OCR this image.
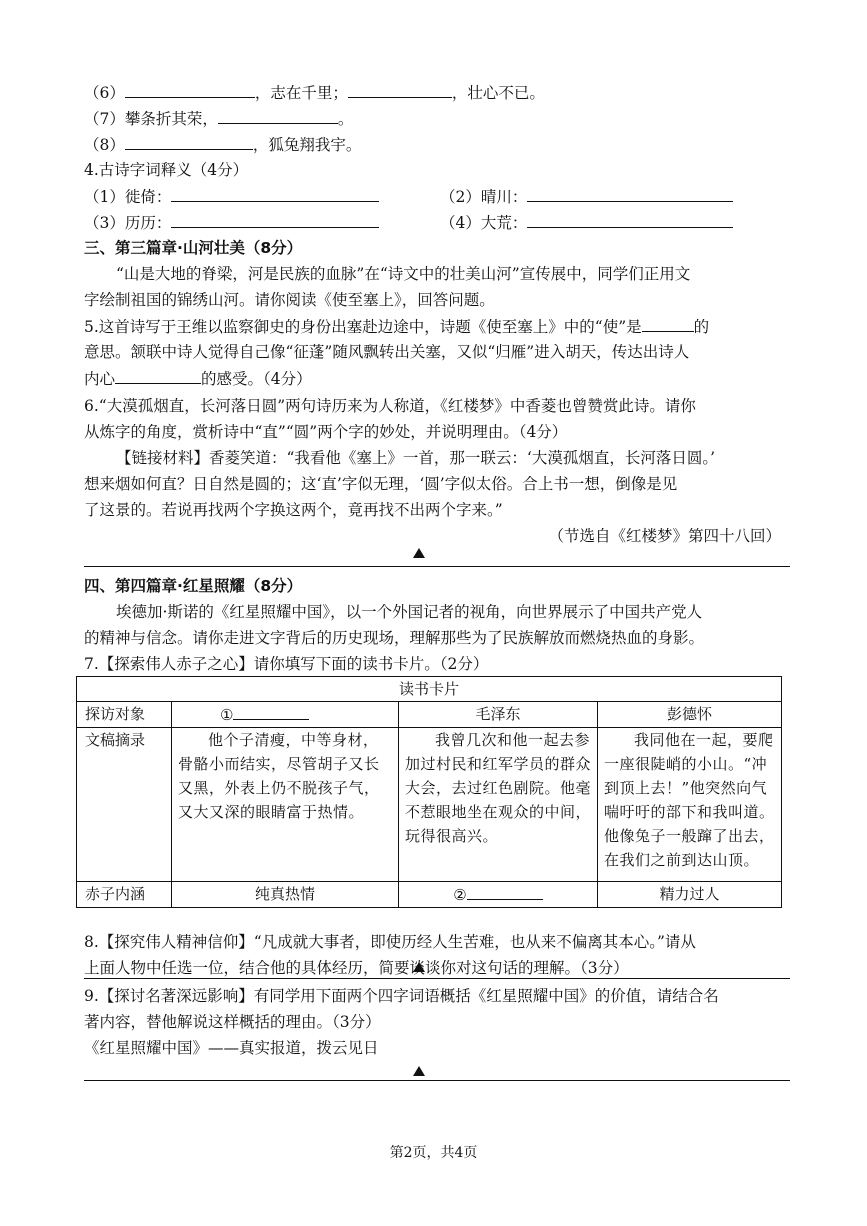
（6）	，志在千里；	，壮心不已。
（7）攀条折其荣，	。
（8）	，狐兔翔我宇。
4.古诗字词释义（4分）
（1）徙倚：	（2）晴川：
（3）历历：	（4）大荒：
三、第三篇章·山河壮美（8分）
“山是大地的脊梁，河是民族的血脉”在“诗文中的壮美山河”宣传展中，同学们正用文
字绘制祖国的锦绣山河。请你阅读《使至塞上》，回答问题。
5.这首诗写于王维以监察御史的身份出塞赴边途中，诗题《使至塞上》中的“使”是	的
意思。颔联中诗人觉得自己像“征蓬”随风飘转出关塞，又似“归雁”进入胡天，传达出诗人
内心	的感受。（4分）
6.“大漠孤烟直，长河落日圆”两句诗历来为人称道，《红楼梦》中香菱也曾赞赏此诗。请你
从炼字的角度，赏析诗中“直”“圆”两个字的妙处，并说明理由。（4分）
【链接材料】香菱笑道：“我看他《塞上》一首，那一联云：‘大漠孤烟直，长河落日圆。’
想来烟如何直？日自然是圆的；这‘直’字似无理，‘圆’字似太俗。合上书一想，倒像是见
了这景的。若说再找两个字换这两个，竟再找不出两个字来。”
（节选自《红楼梦》第四十八回）
四、第四篇章·红星照耀（8分）
埃德加·斯诺的《红星照耀中国》，以一个外国记者的视角，向世界展示了中国共产党人
的精神与信念。请你走进文字背后的历史现场，理解那些为了民族解放而燃烧热血的身影。
7.【探索伟人赤子之心】请你填写下面的读书卡片。（2分）
读书卡片			
探访对象	①	毛泽东	彭德怀
文稿摘录	他个子清瘦，中等身材，骨骼小而结实，尽管胡子又长又黑，外表上仍不脱孩子气，又大又深的眼睛富于热情。	我曾几次和他一起去参加过村民和红军学员的群众大会，去过红色剧院。他毫不惹眼地坐在观众的中间，玩得很高兴。	我同他在一起，要爬一座很陡峭的小山。“冲到顶上去！”他突然向气喘吁吁的部下和我叫道。他像兔子一般蹿了出去，在我们之前到达山顶。
赤子内涵	纯真热情	②	精力过人
8.【探究伟人精神信仰】“凡成就大事者，即使历经人生苦难，也从来不偏离其本心。”请从
上面人物中任选一位，结合他的具体经历，简要谈谈你对这句话的理解。（3分）
9.【探讨名著深远影响】有同学用下面两个四字词语概括《红星照耀中国》的价值，请结合名
著内容，替他解说这样概括的理由。（3分）
《红星照耀中国》——真实报道，拨云见日
第2页，共4页
